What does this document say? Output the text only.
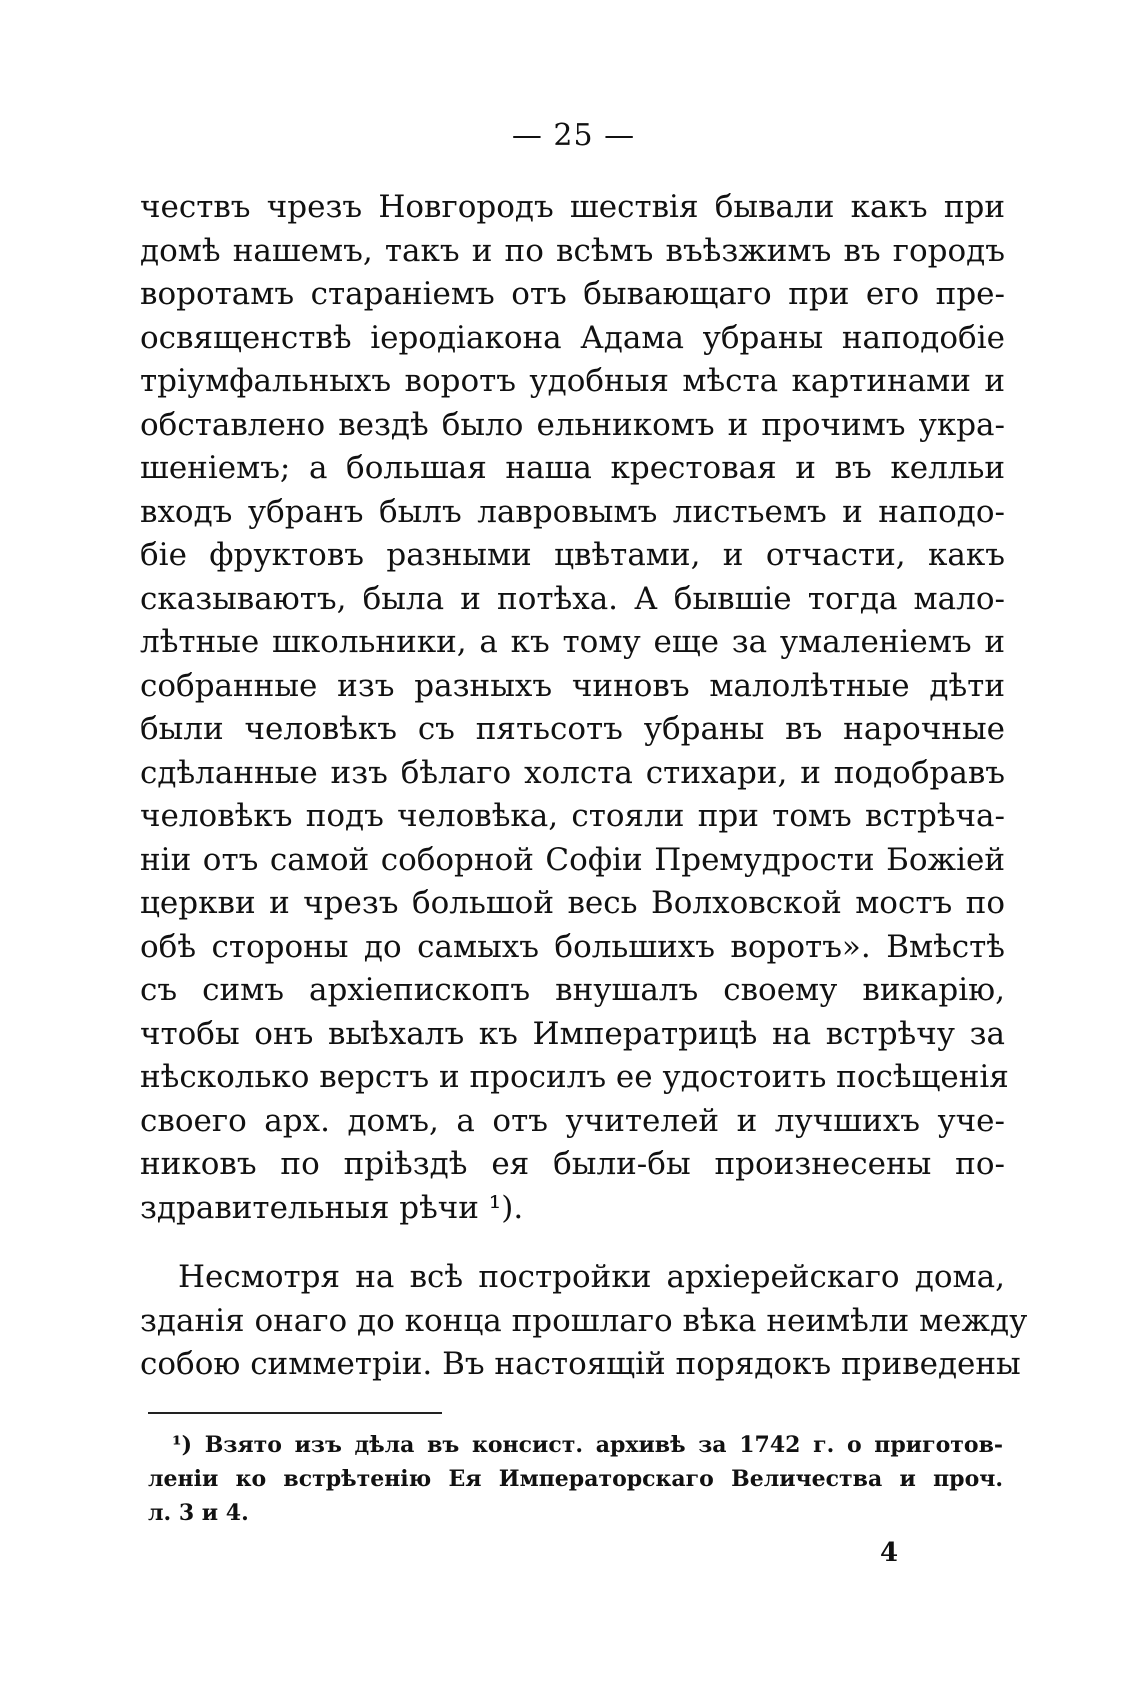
— 25 —
чествъ чрезъ Новгородъ шествія бывали какъ при
домѣ нашемъ, такъ и по всѣмъ въѣзжимъ въ городъ
воротамъ стараніемъ отъ бывающаго при его пре-
освященствѣ іеродіакона Адама убраны наподобіе
тріумфальныхъ воротъ удобныя мѣста картинами и
обставлено вездѣ было ельникомъ и прочимъ укра-
шеніемъ; а большая наша крестовая и въ келльи
входъ убранъ былъ лавровымъ листьемъ и наподо-
біе фруктовъ разными цвѣтами, и отчасти, какъ
сказываютъ, была и потѣха. А бывшіе тогда мало-
лѣтные школьники, а къ тому еще за умаленіемъ и
собранные изъ разныхъ чиновъ малолѣтные дѣти
были человѣкъ съ пятьсотъ убраны въ нарочные
сдѣланные изъ бѣлаго холста стихари, и подобравъ
человѣкъ подъ человѣка, стояли при томъ встрѣча-
ніи отъ самой соборной Софіи Премудрости Божіей
церкви и чрезъ большой весь Волховской мостъ по
обѣ стороны до самыхъ большихъ воротъ». Вмѣстѣ
съ симъ архіепископъ внушалъ своему викарію,
чтобы онъ выѣхалъ къ Императрицѣ на встрѣчу за
нѣсколько верстъ и просилъ ее удостоить посѣщенія
своего арх. домъ, а отъ учителей и лучшихъ уче-
никовъ по пріѣздѣ ея были-бы произнесены по-
здравительныя рѣчи ¹).
Несмотря на всѣ постройки архіерейскаго дома,
зданія онаго до конца прошлаго вѣка неимѣли между
собою симметріи. Въ настоящій порядокъ приведены
¹) Взято изъ дѣла въ консист. архивѣ за 1742 г. о приготов-
леніи ко встрѣтенію Ея Императорскаго Величества и проч.
л. 3 и 4.
4
